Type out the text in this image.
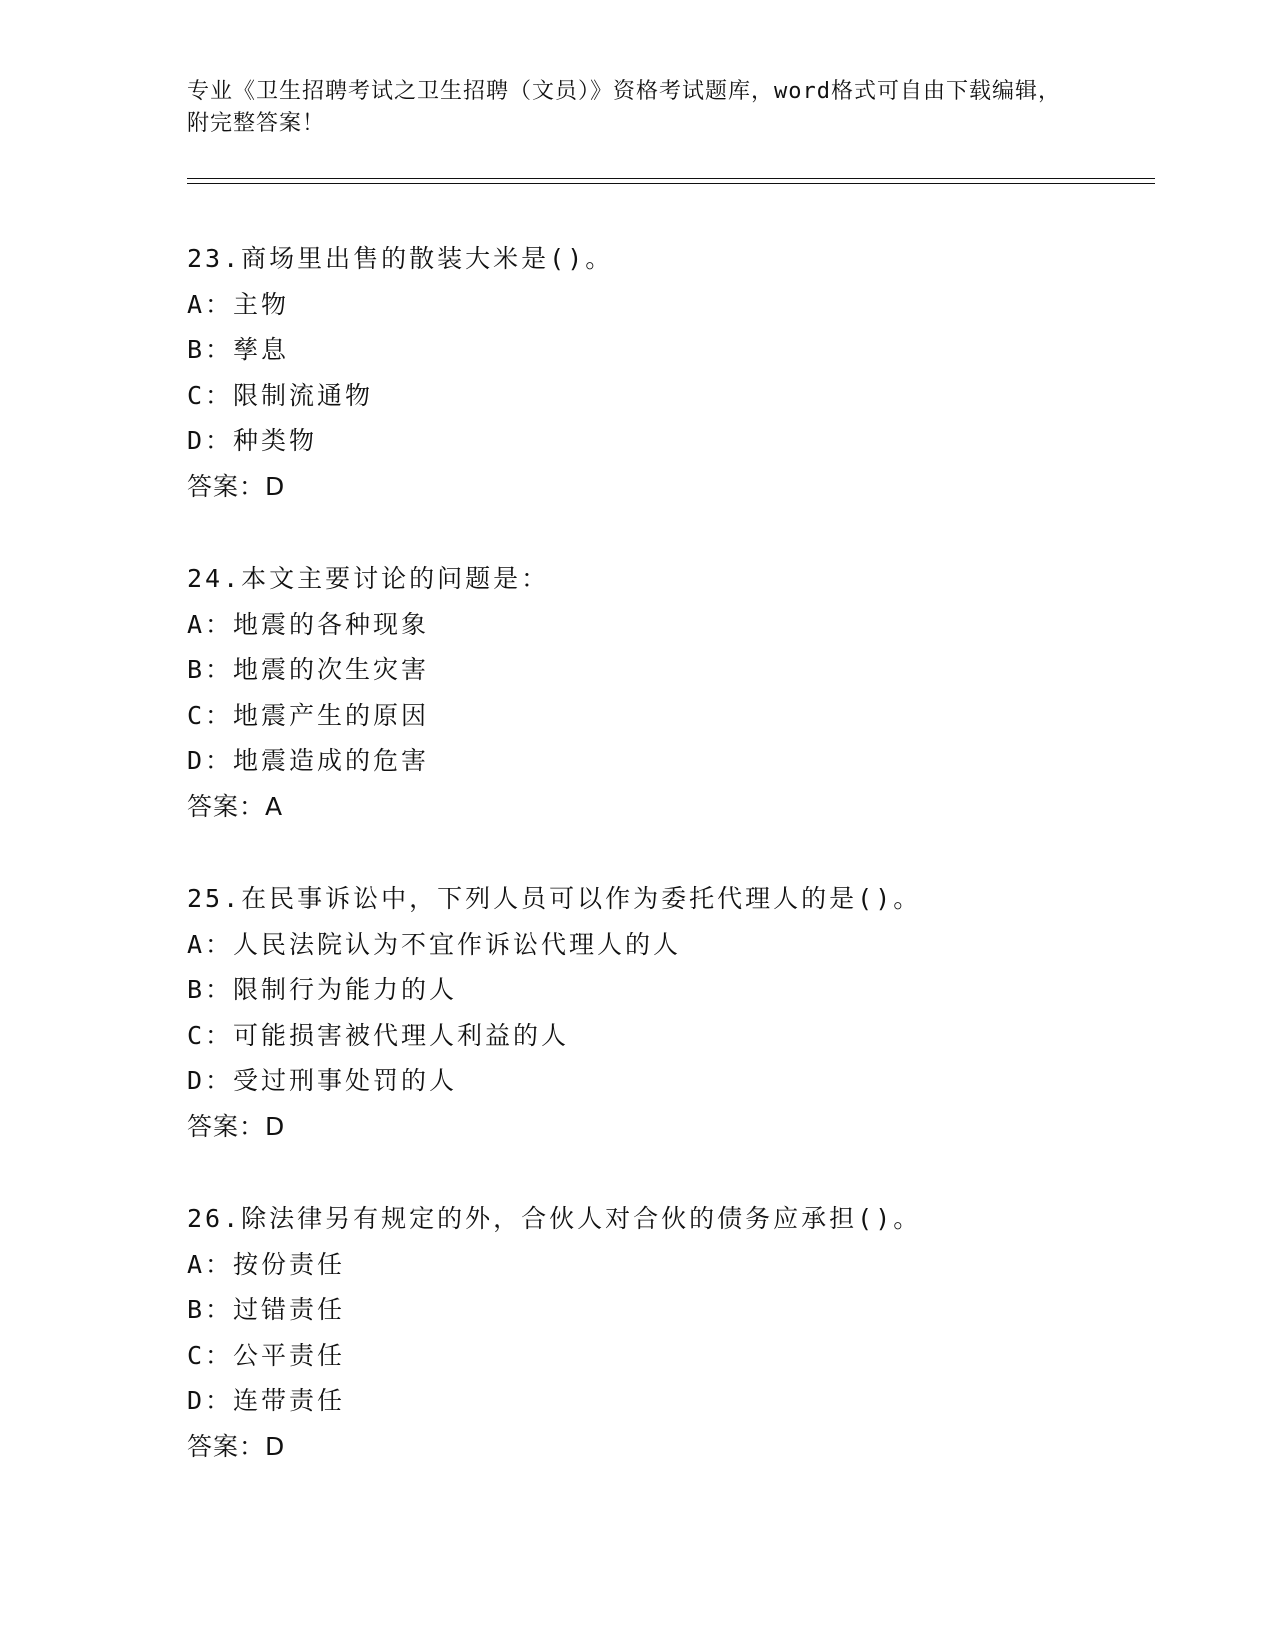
专业《卫生招聘考试之卫生招聘（文员）》资格考试题库，word格式可自由下载编辑，附完整答案！
23.商场里出售的散装大米是()。
A：主物
B：孳息
C：限制流通物
D：种类物
答案：D
24.本文主要讨论的问题是：
A：地震的各种现象
B：地震的次生灾害
C：地震产生的原因
D：地震造成的危害
答案：A
25.在民事诉讼中，下列人员可以作为委托代理人的是()。
A：人民法院认为不宜作诉讼代理人的人
B：限制行为能力的人
C：可能损害被代理人利益的人
D：受过刑事处罚的人
答案：D
26.除法律另有规定的外，合伙人对合伙的债务应承担()。
A：按份责任
B：过错责任
C：公平责任
D：连带责任
答案：D
